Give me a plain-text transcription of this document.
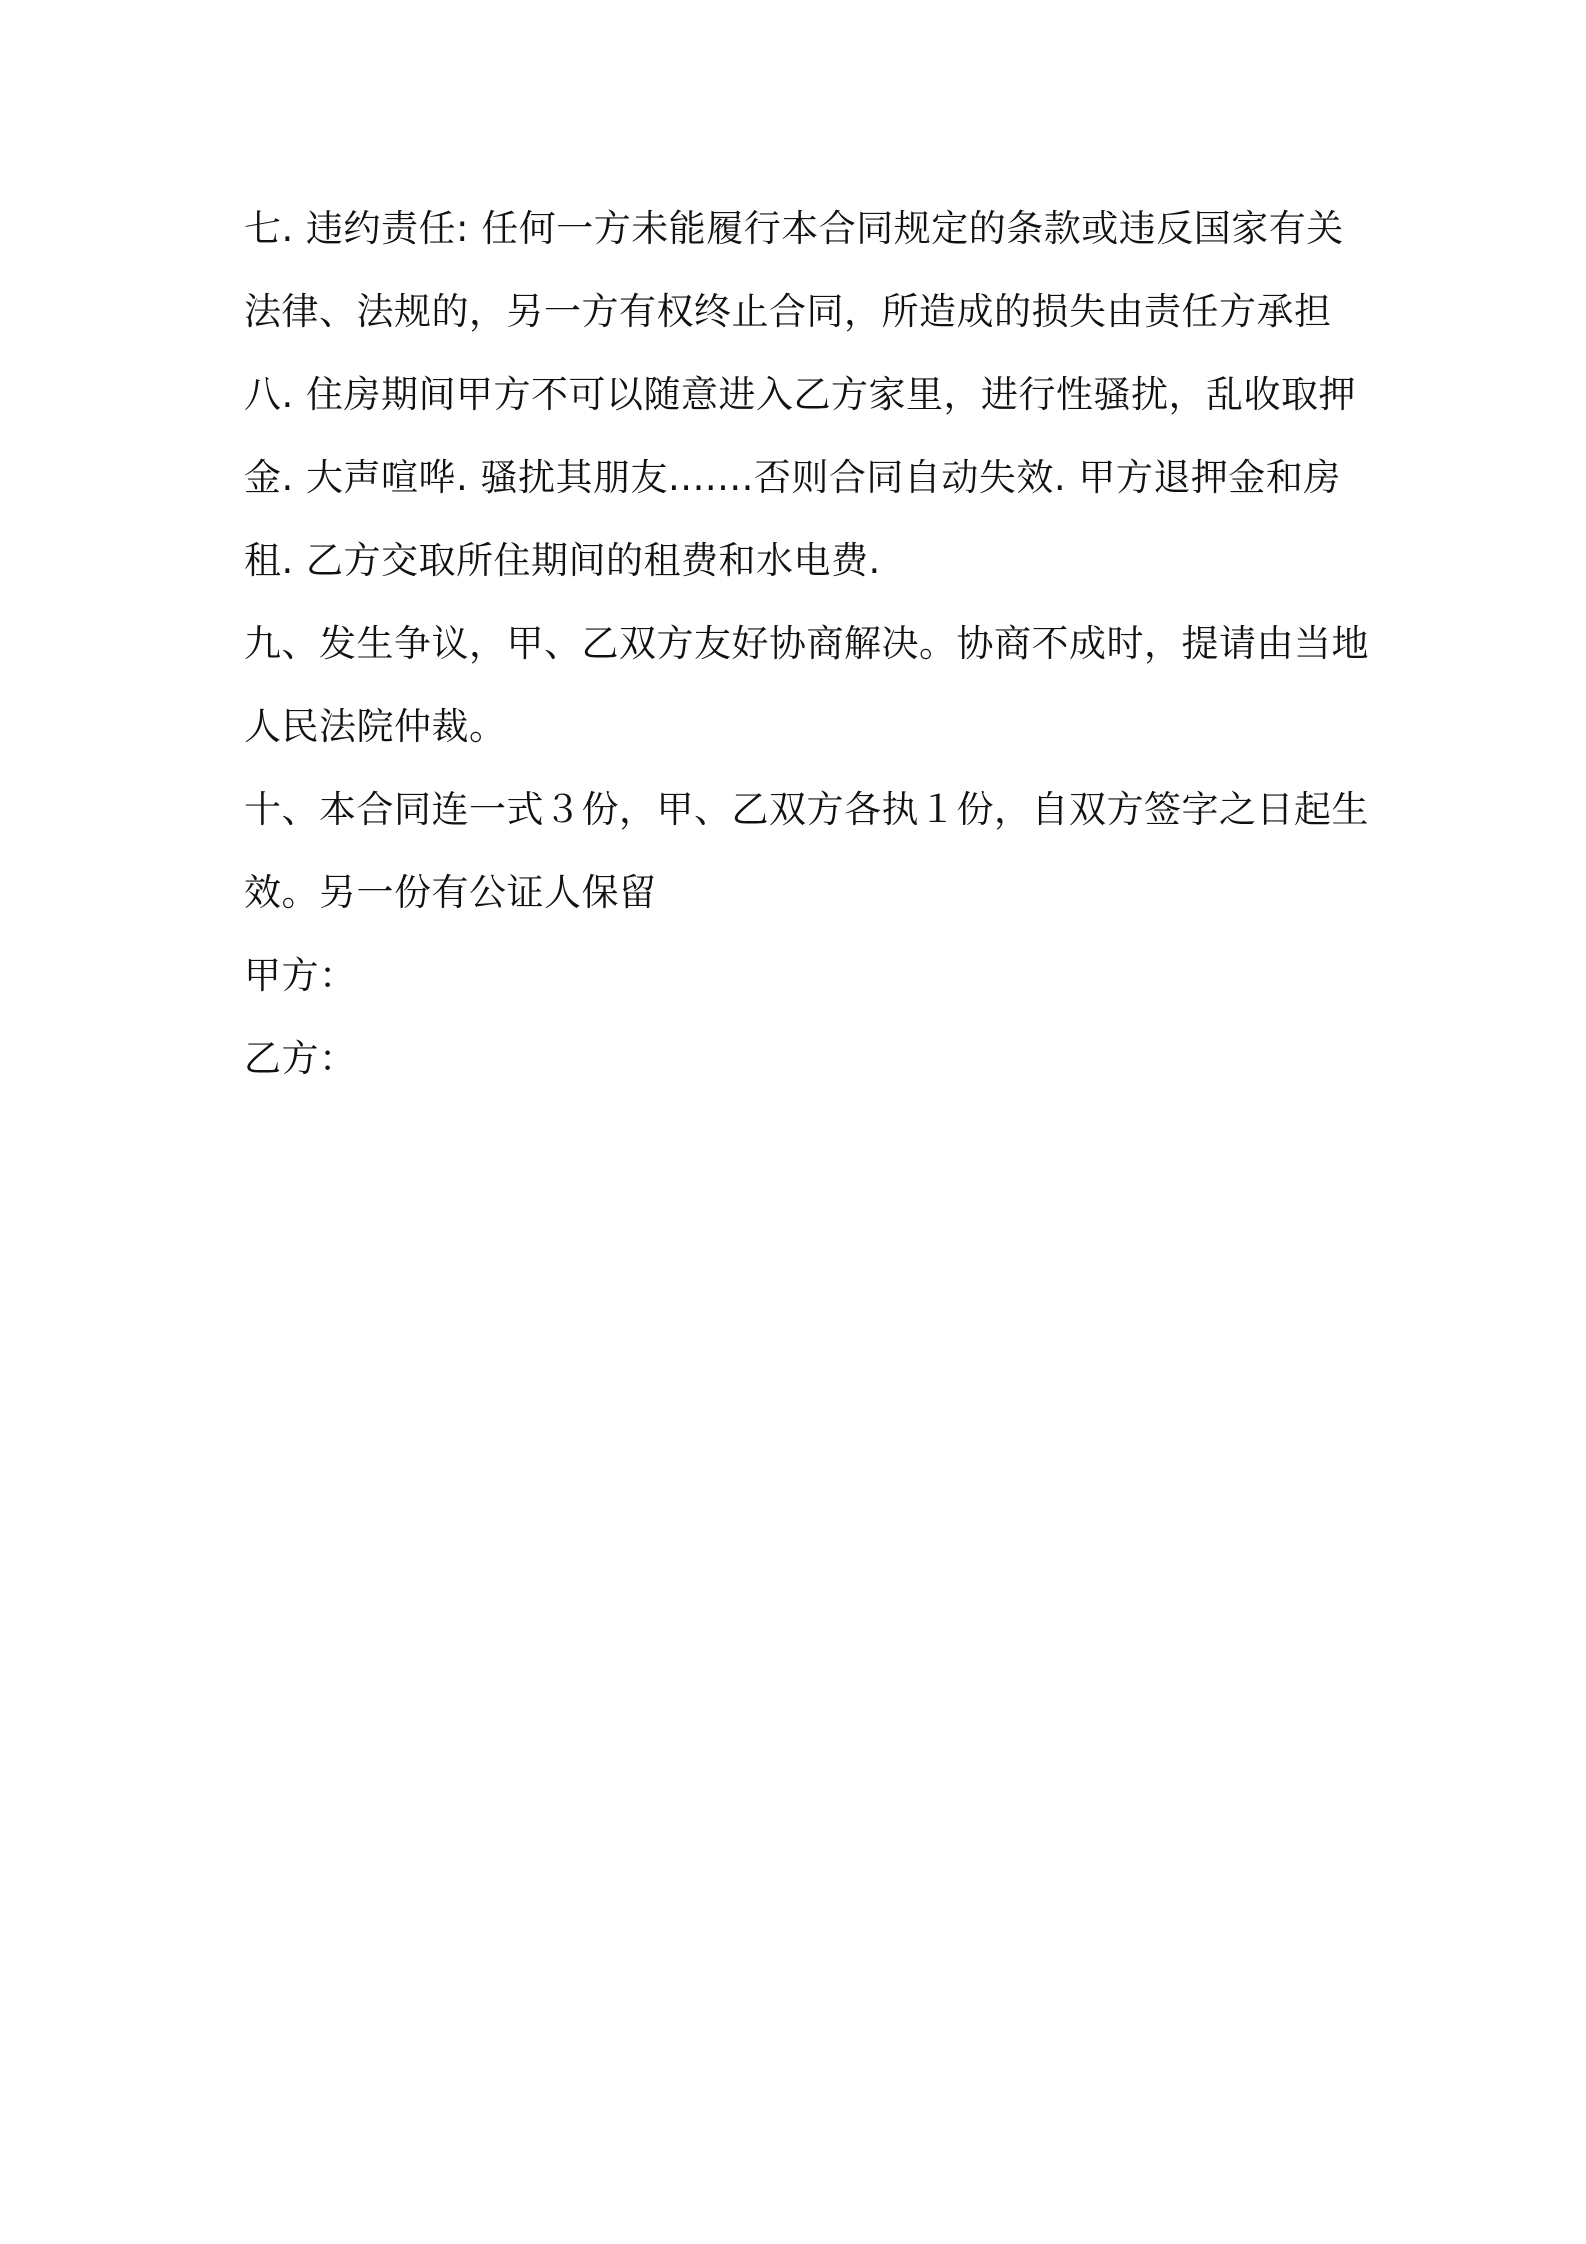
七. 违约责任: 任何一方未能履行本合同规定的条款或违反国家有关
法律、法规的，另一方有权终止合同，所造成的损失由责任方承担
八. 住房期间甲方不可以随意进入乙方家里，进行性骚扰，乱收取押
金. 大声喧哗. 骚扰其朋友.......否则合同自动失效. 甲方退押金和房
租. 乙方交取所住期间的租费和水电费.
九、发生争议，甲、乙双方友好协商解决。协商不成时，提请由当地
人民法院仲裁。
十、本合同连一式３份，甲、乙双方各执１份，自双方签字之日起生
效。另一份有公证人保留
甲方：
乙方：
